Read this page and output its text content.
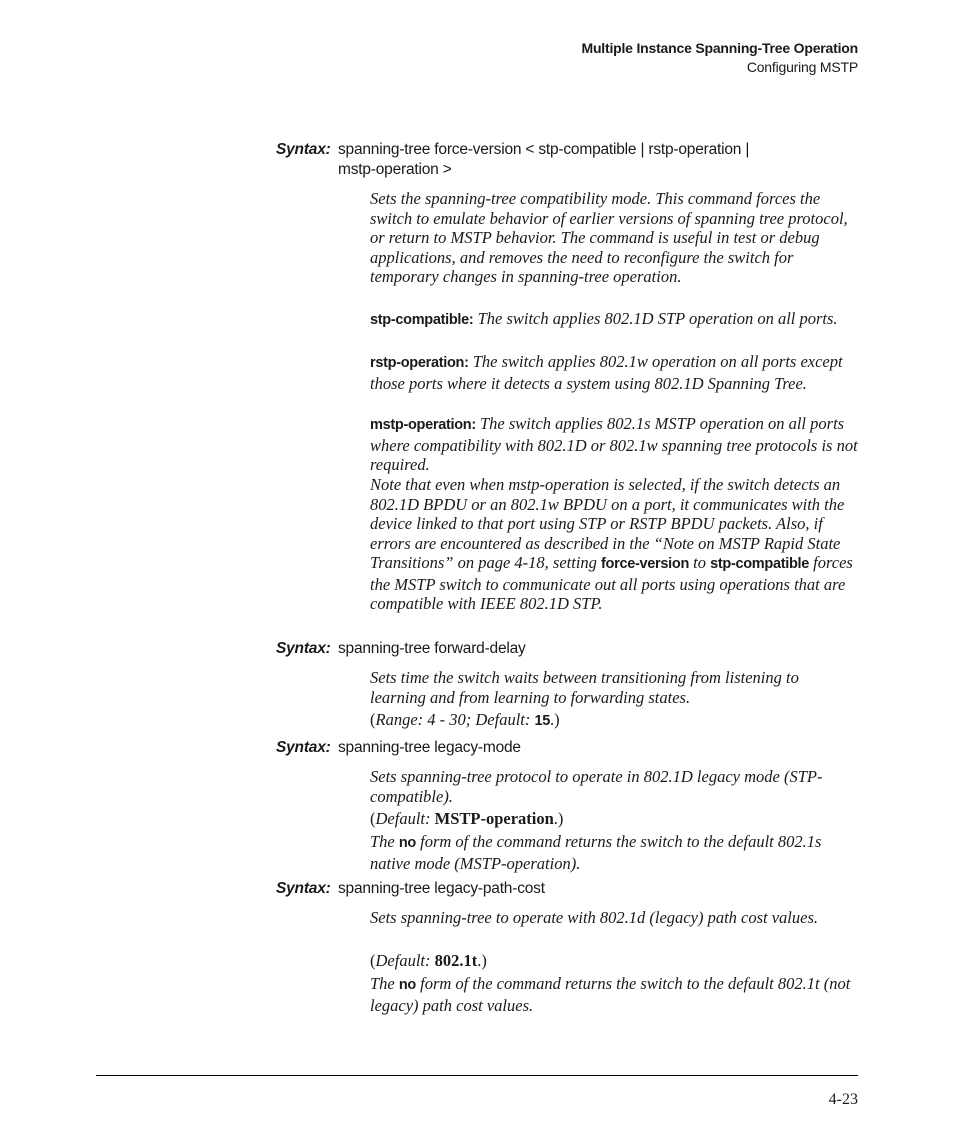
Multiple Instance Spanning-Tree Operation
Configuring MSTP
Syntax: spanning-tree force-version < stp-compatible | rstp-operation |
mstp-operation >
Sets the spanning-tree compatibility mode. This command forces the switch to emulate behavior of earlier versions of spanning tree protocol, or return to MSTP behavior. The command is useful in test or debug applications, and removes the need to reconfigure the switch for temporary changes in spanning-tree operation.
stp-compatible: The switch applies 802.1D STP operation on all ports.
rstp-operation: The switch applies 802.1w operation on all ports except those ports where it detects a system using 802.1D Spanning Tree.
mstp-operation: The switch applies 802.1s MSTP operation on all ports where compatibility with 802.1D or 802.1w spanning tree protocols is not required.
Note that even when mstp-operation is selected, if the switch detects an 802.1D BPDU or an 802.1w BPDU on a port, it communicates with the device linked to that port using STP or RSTP BPDU packets. Also, if errors are encountered as described in the “Note on MSTP Rapid State Transitions” on page 4-18, setting force-version to stp-compatible forces the MSTP switch to communicate out all ports using operations that are compatible with IEEE 802.1D STP.
Syntax: spanning-tree forward-delay
Sets time the switch waits between transitioning from listening to learning and from learning to forwarding states.
(Range: 4 - 30; Default: 15.)
Syntax: spanning-tree legacy-mode
Sets spanning-tree protocol to operate in 802.1D legacy mode (STP-compatible).
(Default: MSTP-operation.)
The no form of the command returns the switch to the default 802.1s native mode (MSTP-operation).
Syntax: spanning-tree legacy-path-cost
Sets spanning-tree to operate with 802.1d (legacy) path cost values.
(Default: 802.1t.)
The no form of the command returns the switch to the default 802.1t (not legacy) path cost values.
4-23
